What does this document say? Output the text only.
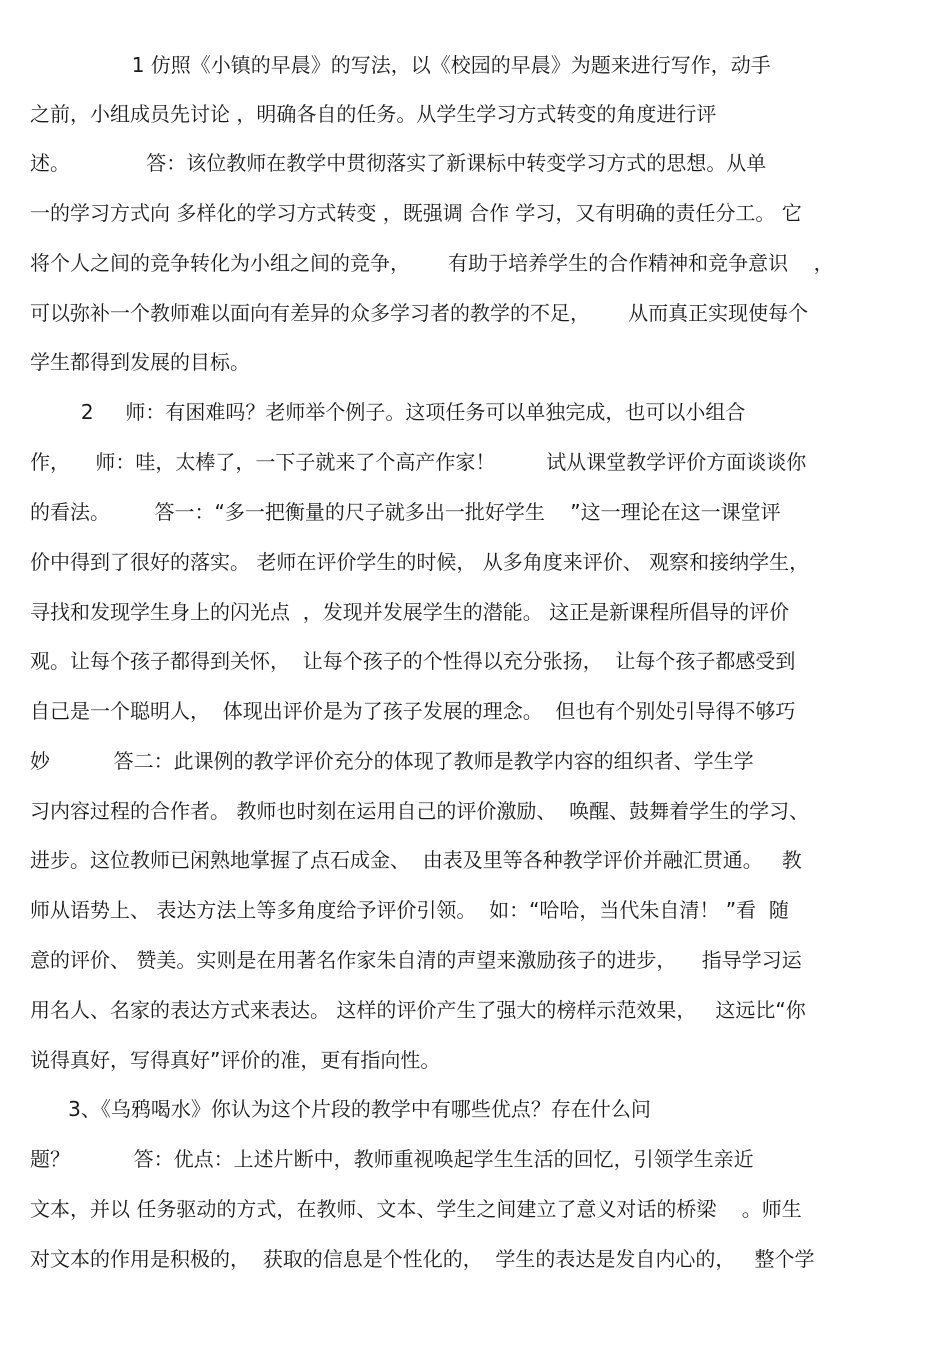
1 仿照《小镇的早晨》的写法，以《校园的早晨》为题来进行写作，动手
之前，小组成员先讨论 ，明确各自的任务。从学生学习方式转变的角度进行评
述。            答：该位教师在教学中贯彻落实了新课标中转变学习方式的思想。从单
一的学习方式向 多样化的学习方式转变 ，既强调 合作 学习，又有明确的责任分工。 它
将个人之间的竞争转化为小组之间的竞争，      有助于培养学生的合作精神和竞争意识    ，
可以弥补一个教师难以面向有差异的众多学习者的教学的不足，      从而真正实现使每个
学生都得到发展的目标。
2     师：有困难吗？老师举个例子。这项任务可以单独完成，也可以小组合
作，    师：哇，太棒了，一下子就来了个高产作家！        试从课堂教学评价方面谈谈你
的看法。       答一：“多一把衡量的尺子就多出一批好学生    ”这一理论在这一课堂评
价中得到了很好的落实。 老师在评价学生的时候， 从多角度来评价、 观察和接纳学生，
寻找和发现学生身上的闪光点  ，发现并发展学生的潜能。 这正是新课程所倡导的评价
观。让每个孩子都得到关怀，  让每个孩子的个性得以充分张扬，  让每个孩子都感受到
自己是一个聪明人，  体现出评价是为了孩子发展的理念。  但也有个别处引导得不够巧
妙          答二：此课例的教学评价充分的体现了教师是教学内容的组织者、学生学
习内容过程的合作者。 教师也时刻在运用自己的评价激励、  唤醒、鼓舞着学生的学习、
进步。这位教师已闲熟地掌握了点石成金、  由表及里等各种教学评价并融汇贯通。   教
师从语势上、 表达方法上等多角度给予评价引领。  如：“哈哈，当代朱自清！ ”看  随
意的评价、 赞美。实则是在用著名作家朱自清的声望来激励孩子的进步，    指导学习运
用名人、名家的表达方式来表达。 这样的评价产生了强大的榜样示范效果，   这远比“你
说得真好，写得真好”评价的准，更有指向性。
3、《乌鸦喝水》你认为这个片段的教学中有哪些优点？存在什么问
题？          答：优点：上述片断中，教师重视唤起学生生活的回忆，引领学生亲近
文本，并以 任务驱动的方式，在教师、文本、学生之间建立了意义对话的桥梁    。师生
对文本的作用是积极的，  获取的信息是个性化的，  学生的表达是发自内心的，   整个学
